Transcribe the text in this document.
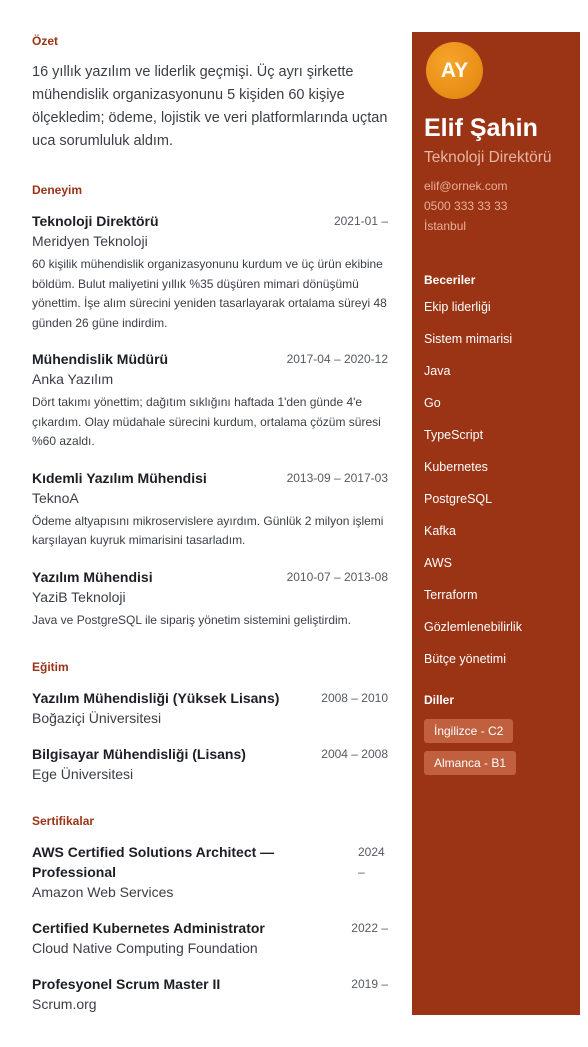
Özet

16 yıllık yazılım ve liderlik geçmişi. Üç ayrı şirkette mühendislik organizasyonunu 5 kişiden 60 kişiye ölçekledim; ödeme, lojistik ve veri platformlarında uçtan uca sorumluluk aldım.

Deneyim
Teknoloji Direktörü	2021-01 –
Meridyen Teknoloji

60 kişilik mühendislik organizasyonunu kurdum ve üç ürün ekibine böldüm. Bulut maliyetini yıllık %35 düşüren mimari dönüşümü yönettim. İşe alım sürecini yeniden tasarlayarak ortalama süreyi 48 günden 26 güne indirdim.

Mühendislik Müdürü	2017-04 – 2020-12
Anka Yazılım

Dört takımı yönettim; dağıtım sıklığını haftada 1'den günde 4'e çıkardım. Olay müdahale sürecini kurdum, ortalama çözüm süresi %60 azaldı.

Kıdemli Yazılım Mühendisi	2013-09 – 2017-03
TeknoA

Ödeme altyapısını mikroservislere ayırdım. Günlük 2 milyon işlemi karşılayan kuyruk mimarisini tasarladım.

Yazılım Mühendisi	2010-07 – 2013-08
YaziB Teknoloji

Java ve PostgreSQL ile sipariş yönetim sistemini geliştirdim.

Eğitim
Yazılım Mühendisliği (Yüksek Lisans)	2008 – 2010
Boğaziçi Üniversitesi
Bilgisayar Mühendisliği (Lisans)	2004 – 2008
Ege Üniversitesi
Sertifikalar
AWS Certified Solutions Architect — Professional
2024 –
Amazon Web Services
Certified Kubernetes Administrator	2022 –
Cloud Native Computing Foundation
Profesyonel Scrum Master II	2019 –
Scrum.org
AY
Elif Şahin
Teknoloji Direktörü
elif@ornek.com
0500 333 33 33
İstanbul
Beceriler
Ekip liderliği
Sistem mimarisi
Java
Go
TypeScript
Kubernetes
PostgreSQL
Kafka
AWS
Terraform
Gözlemlenebilirlik
Bütçe yönetimi
Diller
İngilizce - C2
Almanca - B1
